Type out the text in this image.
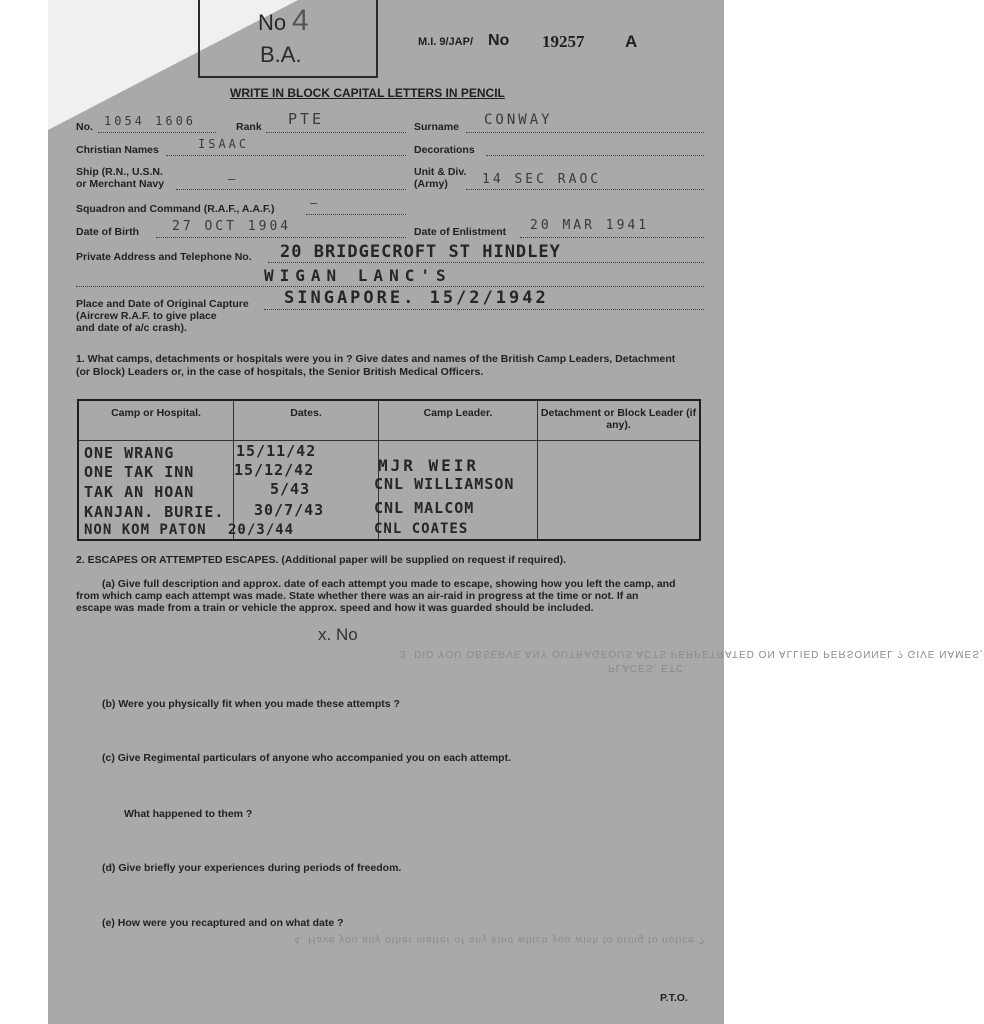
No 4
B.A.	M.I. 9/JAP/ No 19257 A
WRITE IN BLOCK CAPITAL LETTERS IN PENCIL
No. 1054 1606	Rank PTE	Surname CONWAY
Christian Names	ISAAC	Decorations
Ship (R.N., U.S.N.
or Merchant Navy	—	Unit & Div.
(Army)	14 SEC RAOC
Squadron and Command (R.A.F., A.A.F.)	—
Date of Birth	27 OCT 1904	Date of Enlistment 20 MAR 1941
Private Address and Telephone No. 20 BRIDGECROFT ST HINDLEY
WIGAN LANC'S
Place and Date of Original Capture
(Aircrew R.A.F. to give place
and date of a/c crash).
SINGAPORE. 15/2/1942
1. What camps, detachments or hospitals were you in ? Give dates and names of the British Camp Leaders, Detachment
(or Block) Leaders or, in the case of hospitals, the Senior British Medical Officers.
Camp or Hospital.	Dates.	Camp Leader.	Detachment or Block Leader (if any).

ONE WRANG	15/11/42
ONE TAK INN	15/12/42	MJR WEIR
TAK AN HOAN	5/43	CNL WILLIAMSON
KANJAN. BURIE. 30/7/43	CNL MALCOM
NON KOM PATON 20/3/44	CNL COATES
2. ESCAPES OR ATTEMPTED ESCAPES. (Additional paper will be supplied on request if required).
(a) Give full description and approx. date of each attempt you made to escape, showing how you left the camp, and
from which camp each attempt was made. State whether there was an air-raid in progress at the time or not. If an
escape was made from a train or vehicle the approx. speed and how it was guarded should be included.
x. No
3. DID YOU OBSERVE ANY OUTRAGEOUS ACTS PERPETRATED ON ALLIED PERSONNEL ? GIVE NAMES,
PLACES, ETC.
(b) Were you physically fit when you made these attempts ?
(c) Give Regimental particulars of anyone who accompanied you on each attempt.
What happened to them ?
(d) Give briefly your experiences during periods of freedom.
(e) How were you recaptured and on what date ?
4. Have you any other matter of any kind which you wish to bring to notice ?
P.T.O.
